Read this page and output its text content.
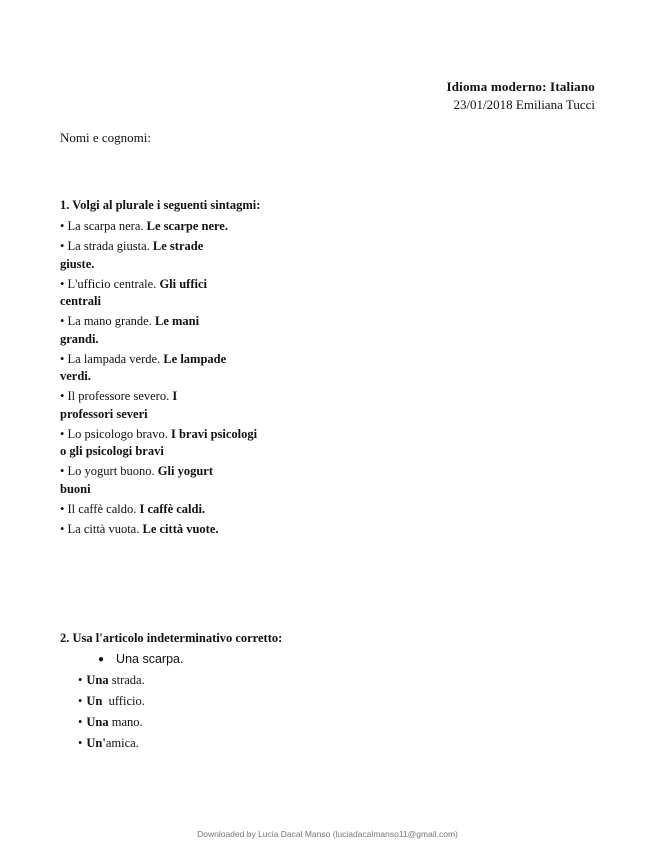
Idioma moderno: Italiano
23/01/2018 Emiliana Tucci
Nomi e cognomi:
1. Volgi al plurale i seguenti sintagmi:
• La scarpa nera. Le scarpe nere.
• La strada giusta. Le strade giuste.
• L'ufficio centrale. Gli uffici centrali
• La mano grande. Le mani grandi.
• La lampada verde. Le lampade verdi.
• Il professore severo. I professori severi
• Lo psicologo bravo. I bravi psicologi o gli psicologi bravi
• Lo yogurt buono. Gli yogurt buoni
• Il caffè caldo. I caffè caldi.
• La città vuota. Le città vuote.
2. Usa l'articolo indeterminativo corretto:
● Una scarpa.
• Una strada.
• Un  ufficio.
• Una mano.
• Un'amica.
Downloaded by Lucia Dacal Manso (luciadacalmanso11@gmail.com)
